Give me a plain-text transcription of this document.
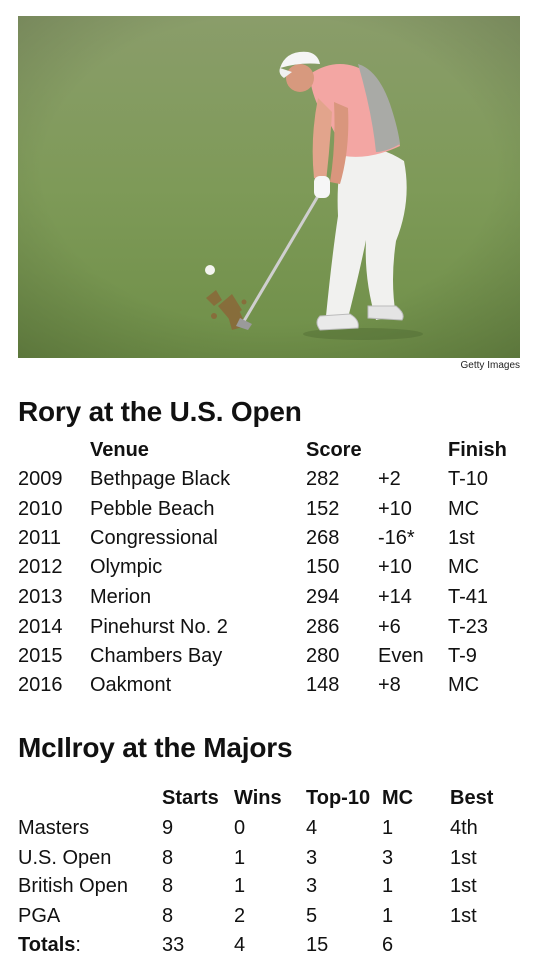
Getty Images
Rory at the U.S. Open
Venue	Score	Finish
2009 Bethpage Black	282 +2 T-10
2010 Pebble Beach	152 +10 MC
2011 Congressional	268 -16* 1st
2012 Olympic	150 +10 MC
2013 Merion	294 +14 T-41
2014 Pinehurst No. 2	286 +6 T-23
2015 Chambers Bay	280 Even T-9
2016 Oakmont	148 +8 MC
McIlroy at the Majors
Starts Wins Top-10 MC Best
Masters	9	0	4	1	4th
U.S. Open	8	1	3	3	1st
British Open 8	1	3	1	1st
PGA	8	2	5	1	1st
Totals:	33 4	15	6
